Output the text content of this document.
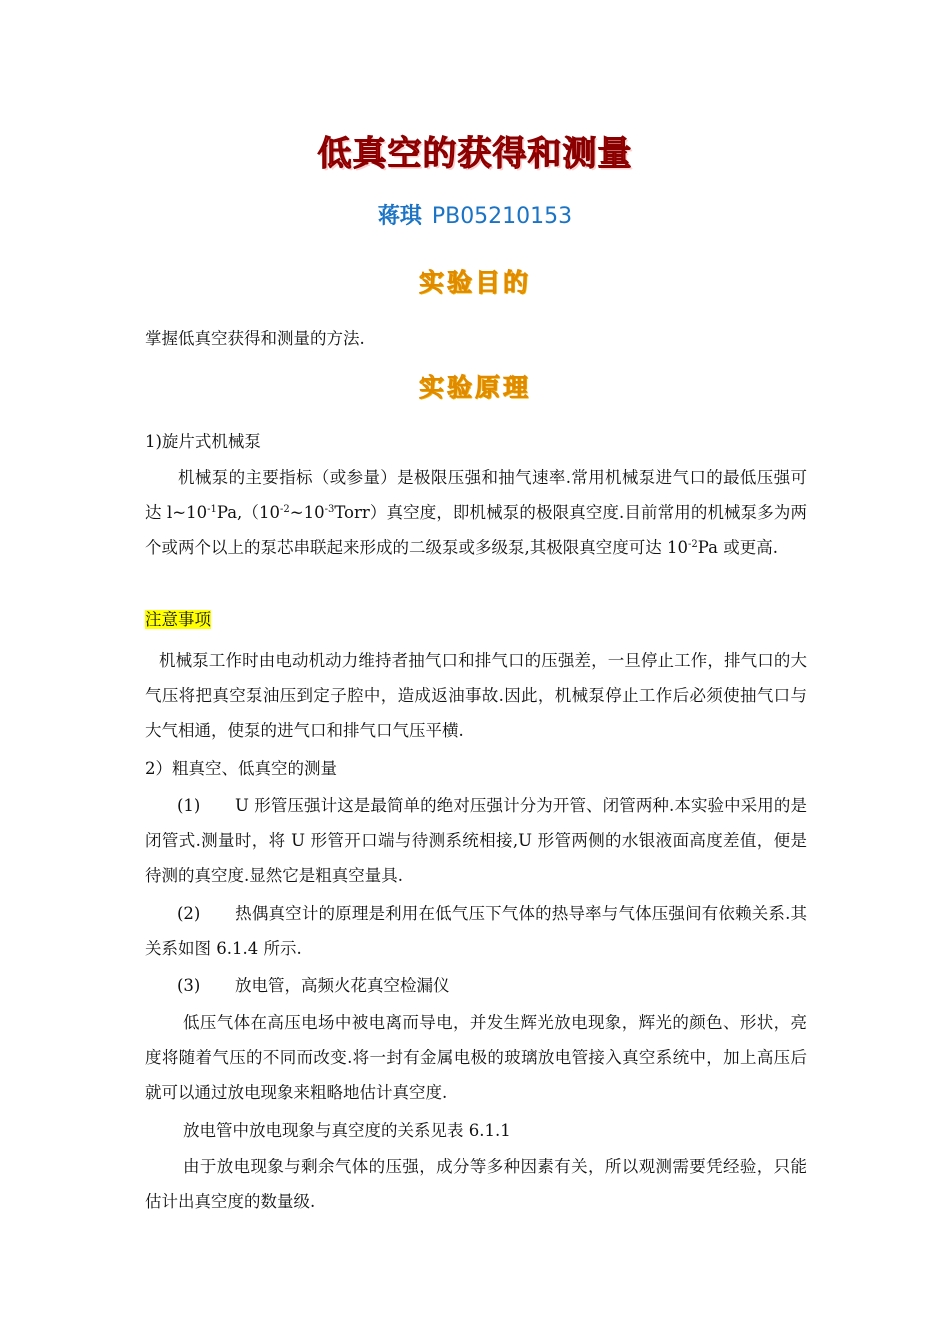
低真空的获得和测量
蒋琪 PB05210153
实验目的
掌握低真空获得和测量的方法.
实验原理
1)旋片式机械泵
机械泵的主要指标（或参量）是极限压强和抽气速率.常用机械泵进气口的最低压强可达 $l\sim 10^{-1}Pa,(10^{-2}\sim 10^{-3}Torr)$真空度，即机械泵的极限真空度.目前常用的机械泵多为两个或两个以上的泵芯串联起来形成的二级泵或多级泵,其极限真空度可达 $10^{-2}Pa$ 或更高.
注意事项
机械泵工作时由电动机动力维持者抽气口和排气口的压强差，一旦停止工作，排气口的大气压将把真空泵油压到定子腔中，造成返油事故.因此，机械泵停止工作后必须使抽气口与大气相通，使泵的进气口和排气口气压平横.
2）粗真空、低真空的测量
(1) U 形管压强计这是最简单的绝对压强计分为开管、闭管两种.本实验中采用的是闭管式.测量时，将 U 形管开口端与待测系统相接,U 形管两侧的水银液面高度差值，便是待测的真空度.显然它是粗真空量具.
(2) 热偶真空计的原理是利用在低气压下气体的热导率与气体压强间有依赖关系.其关系如图 6.1.4 所示.
(3) 放电管，高频火花真空检漏仪
低压气体在高压电场中被电离而导电，并发生辉光放电现象，辉光的颜色、形状，亮度将随着气压的不同而改变.将一封有金属电极的玻璃放电管接入真空系统中，加上高压后就可以通过放电现象来粗略地估计真空度.
放电管中放电现象与真空度的关系见表 6.1.1
由于放电现象与剩余气体的压强，成分等多种因素有关，所以观测需要凭经验，只能估计出真空度的数量级.
